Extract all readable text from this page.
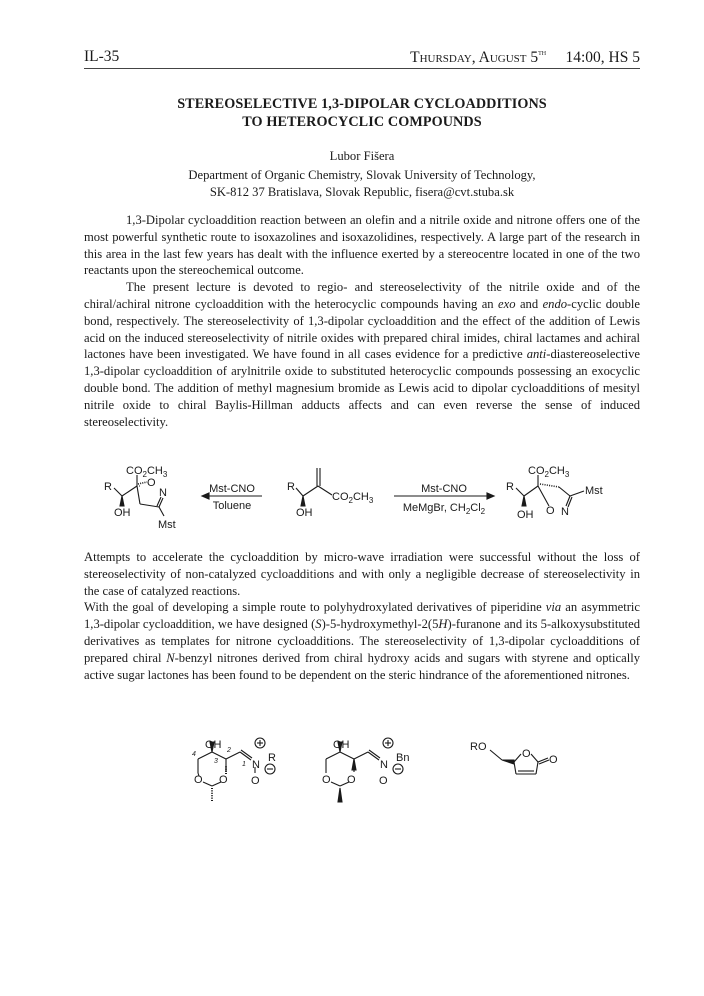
IL-35	Thursday, August 5th 14:00, HS 5
STEREOSELECTIVE 1,3-DIPOLAR CYCLOADDITIONS
TO HETEROCYCLIC COMPOUNDS
Lubor Fišera
Department of Organic Chemistry, Slovak University of Technology,
SK-812 37 Bratislava, Slovak Republic, fisera@cvt.stuba.sk

1,3-Dipolar cycloaddition reaction between an olefin and a nitrile oxide and nitrone offers one of the most powerful synthetic route to isoxazolines and isoxazolidines, respectively. A large part of the research in this area in the last few years has dealt with the influence exerted by a stereocentre located in one of the two reactants upon the stereochemical outcome.

The present lecture is devoted to regio- and stereoselectivity of the nitrile oxide and of the chiral/achiral nitrone cycloaddition with the heterocyclic compounds having an exo and endo-cyclic double bond, respectively. The stereoselectivity of 1,3-dipolar cycloaddition and the effect of the addition of Lewis acid on the induced stereoselectivity of nitrile oxides with prepared chiral imides, chiral lactames and achiral lactones have been investigated. We have found in all cases evidence for a predictive anti-diastereoselective 1,3-dipolar cycloaddition of arylnitrile oxide to substituted heterocyclic compounds possessing an exocyclic double bond. The addition of methyl magnesium bromide as Lewis acid to dipolar cycloadditions of mesityl nitrile oxide to chiral Baylis-Hillman adducts affects and can even reverse the sense of induced stereoselectivity.

$CO_2CH_3$
R
OH
O
N
Mst
Mst-CNO
Toluene
R
OH
$CO_2CH_3$
Mst-CNO
MeMgBr, $CH_2Cl_2$
$CO_2CH_3$
R
OH O N
Mst

Attempts to accelerate the cycloaddition by micro-wave irradiation were successful without the loss of stereoselectivity of non-catalyzed cycloadditions and with only a negligible decrease of stereoselectivity in the case of catalyzed reactions.

With the goal of developing a simple route to polyhydroxylated derivatives of piperidine via an asymmetric 1,3-dipolar cycloaddition, we have designed (S)-5-hydroxymethyl-2(5H)-furanone and its 5-alkoxysubstituted derivatives as templates for nitrone cycloadditions. The stereoselectivity of 1,3-dipolar cycloadditions of prepared chiral N-benzyl nitrones derived from chiral hydroxy acids and sugars with styrene and optically active sugar lactones has been found to be dependent on the steric hindrance of the aforementioned nitrones.

OH
N
R
O
O O
1
2
3
4
OH
N
Bn
O
O O
RO
O O
